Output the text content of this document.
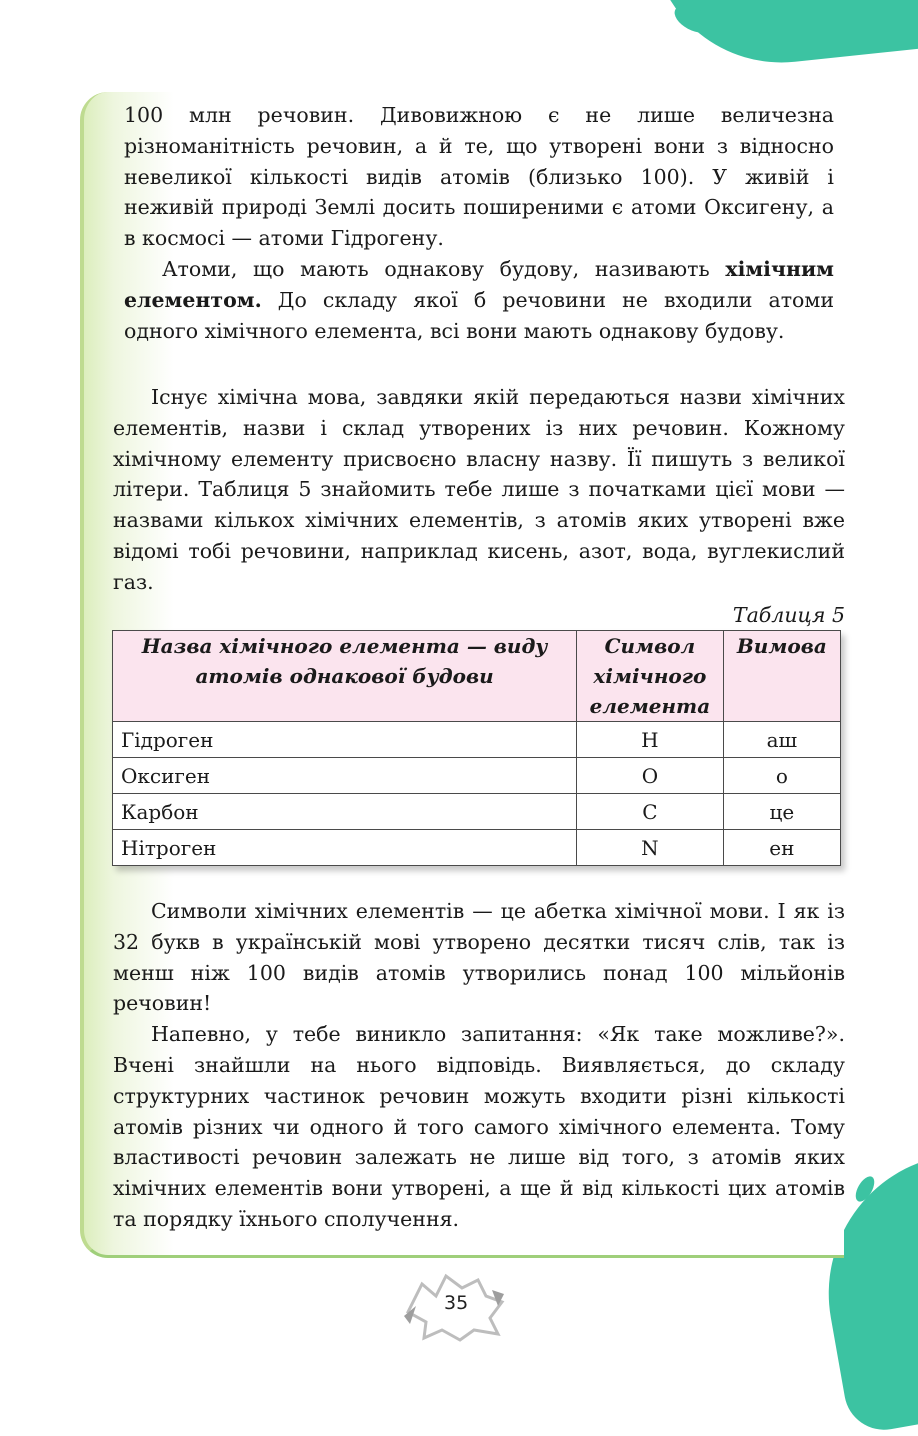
100 млн речовин. Дивовижною є не лише величезна різноманітність речовин, а й те, що утворені вони з відносно невеликої кількості видів атомів (близько 100). У живій і неживій природі Землі досить поширеними є атоми Оксигену, а в космосі — атоми Гідрогену.

Атоми, що мають однакову будову, називають хімічним елементом. До складу якої б речовини не входили атоми одного хімічного елемента, всі вони мають однакову будову.

Існує хімічна мова, завдяки якій передаються назви хімічних елементів, назви і склад утворених із них речовин. Кожному хімічному елементу присвоєно власну назву. Її пишуть з великої літери. Таблиця 5 знайомить тебе лише з початками цієї мови — назвами кількох хімічних елементів, з атомів яких утворені вже відомі тобі речовини, наприклад кисень, азот, вода, вуглекислий газ.

Таблиця 5
Назва хімічного елемента — виду атомів однакової будови	Символ хімічного елемента	Вимова
Гідроген	H	аш
Оксиген	O	о
Карбон	C	це
Нітроген	N	ен

Символи хімічних елементів — це абетка хімічної мови. І як із 32 букв в українській мові утворено десятки тисяч слів, так із менш ніж 100 видів атомів утворились понад 100 мільйонів речовин!

Напевно, у тебе виникло запитання: «Як таке можливе?». Вчені знайшли на нього відповідь. Виявляється, до складу структурних частинок речовин можуть входити різні кількості атомів різних чи одного й того самого хімічного елемента. Тому властивості речовин залежать не лише від того, з атомів яких хімічних елементів вони утворені, а ще й від кількості цих атомів та порядку їхнього сполучення.

35
